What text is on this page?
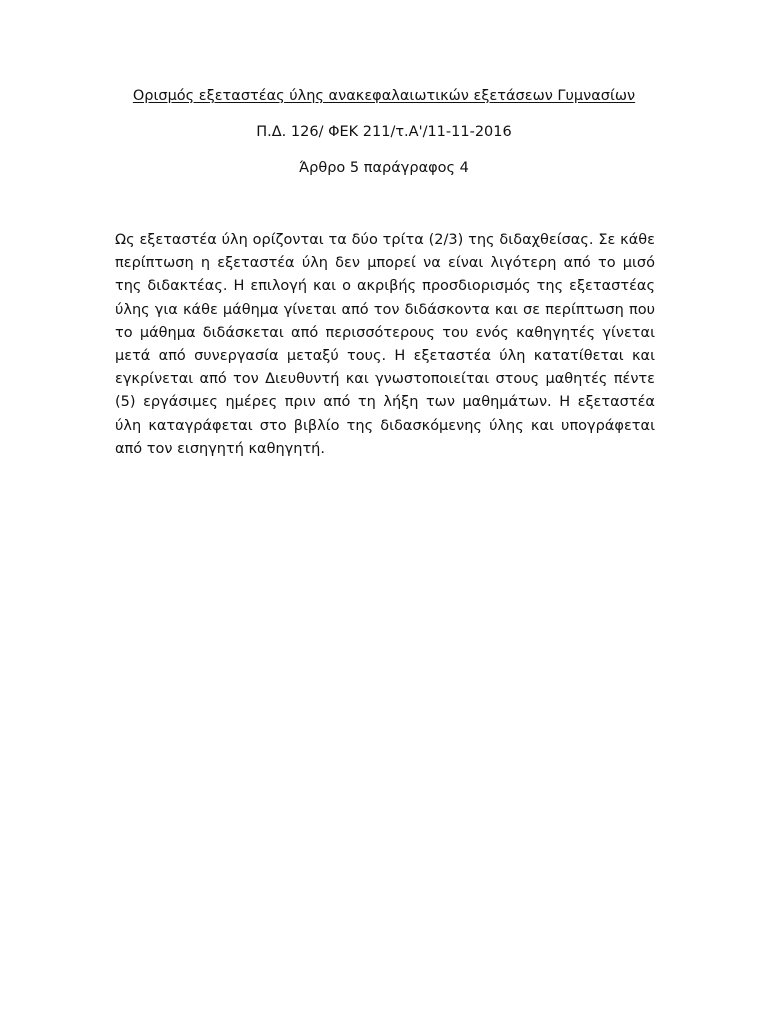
Ορισμός εξεταστέας ύλης ανακεφαλαιωτικών εξετάσεων Γυμνασίων
Π.Δ. 126/ ΦΕΚ 211/τ.Α'/11-11-2016
Άρθρο 5 παράγραφος 4
Ως εξεταστέα ύλη ορίζονται τα δύο τρίτα (2/3) της διδαχθείσας. Σε κάθε περίπτωση η εξεταστέα ύλη δεν μπορεί να είναι λιγότερη από το μισό της διδακτέας. Η επιλογή και ο ακριβής προσδιορισμός της εξεταστέας ύλης για κάθε μάθημα γίνεται από τον διδάσκοντα και σε περίπτωση που το μάθημα διδάσκεται από περισσότερους του ενός καθηγητές γίνεται μετά από συνεργασία μεταξύ τους. Η εξεταστέα ύλη κατατίθεται και εγκρίνεται από τον Διευθυντή και γνωστοποιείται στους μαθητές πέντε (5) εργάσιμες ημέρες πριν από τη λήξη των μαθημάτων. Η εξεταστέα ύλη καταγράφεται στο βιβλίο της διδασκόμενης ύλης και υπογράφεται από τον εισηγητή καθηγητή.
